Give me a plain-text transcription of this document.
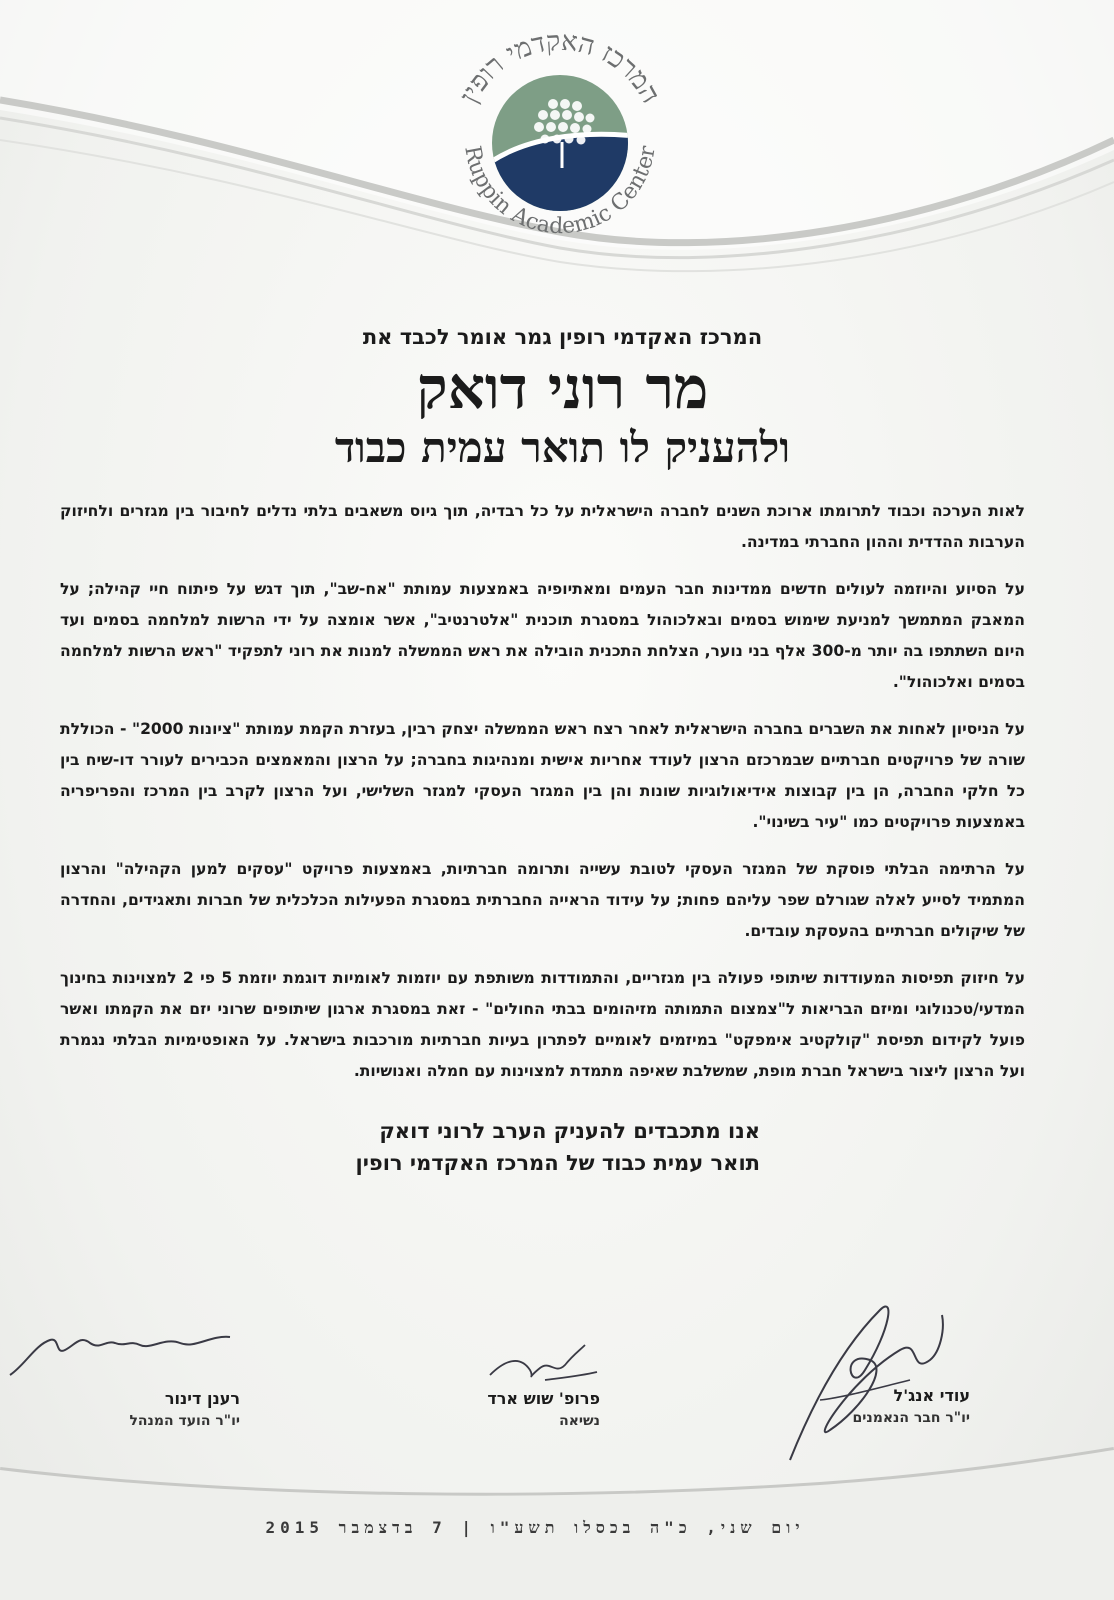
המרכז האקדמי רופין
Ruppin Academic Center

המרכז האקדמי רופין גמר אומר לכבד את

מר רוני דואק
ולהעניק לו תואר עמית כבוד

לאות הערכה וכבוד לתרומתו ארוכת השנים לחברה הישראלית על כל רבדיה, תוך גיוס משאבים בלתי נדלים לחיבור בין מגזרים ולחיזוק הערבות ההדדית וההון החברתי במדינה.

על הסיוע והיוזמה לעולים חדשים ממדינות חבר העמים ומאתיופיה באמצעות עמותת "אח-שב", תוך דגש על פיתוח חיי קהילה; על המאבק המתמשך למניעת שימוש בסמים ובאלכוהול במסגרת תוכנית "אלטרנטיב", אשר אומצה על ידי הרשות למלחמה בסמים ועד היום השתתפו בה יותר מ-300 אלף בני נוער, הצלחת התכנית הובילה את ראש הממשלה למנות את רוני לתפקיד "ראש הרשות למלחמה בסמים ואלכוהול".

על הניסיון לאחות את השברים בחברה הישראלית לאחר רצח ראש הממשלה יצחק רבין, בעזרת הקמת עמותת "ציונות 2000" - הכוללת שורה של פרויקטים חברתיים שבמרכזם הרצון לעודד אחריות אישית ומנהיגות בחברה; על הרצון והמאמצים הכבירים לעורר דו-שיח בין כל חלקי החברה, הן בין קבוצות אידיאולוגיות שונות והן בין המגזר העסקי למגזר השלישי, ועל הרצון לקרב בין המרכז והפריפריה באמצעות פרויקטים כמו "עיר בשינוי".

על הרתימה הבלתי פוסקת של המגזר העסקי לטובת עשייה ותרומה חברתיות, באמצעות פרויקט "עסקים למען הקהילה" והרצון המתמיד לסייע לאלה שגורלם שפר עליהם פחות; על עידוד הראייה החברתית במסגרת הפעילות הכלכלית של חברות ותאגידים, והחדרה של שיקולים חברתיים בהעסקת עובדים.

על חיזוק תפיסות המעודדות שיתופי פעולה בין מגזריים, והתמודדות משותפת עם יוזמות לאומיות דוגמת יוזמת 5 פי 2 למצוינות בחינוך המדעי/טכנולוגי ומיזם הבריאות ל"צמצום התמותה מזיהומים בבתי החולים" - זאת במסגרת ארגון שיתופים שרוני יזם את הקמתו ואשר פועל לקידום תפיסת "קולקטיב אימפקט" במיזמים לאומיים לפתרון בעיות חברתיות מורכבות בישראל. על האופטימיות הבלתי נגמרת ועל הרצון ליצור בישראל חברת מופת, שמשלבת שאיפה מתמדת למצוינות עם חמלה ואנושיות.

אנו מתכבדים להעניק הערב לרוני דואק
תואר עמית כבוד של המרכז האקדמי רופין
עודי אנג'ל
יו"ר חבר הנאמנים
פרופ' שוש ארד
נשיאה
רענן דינור
יו"ר הועד המנהל
יום שני, כ"ה בכסלו תשע"ו | 7 בדצמבר 2015
